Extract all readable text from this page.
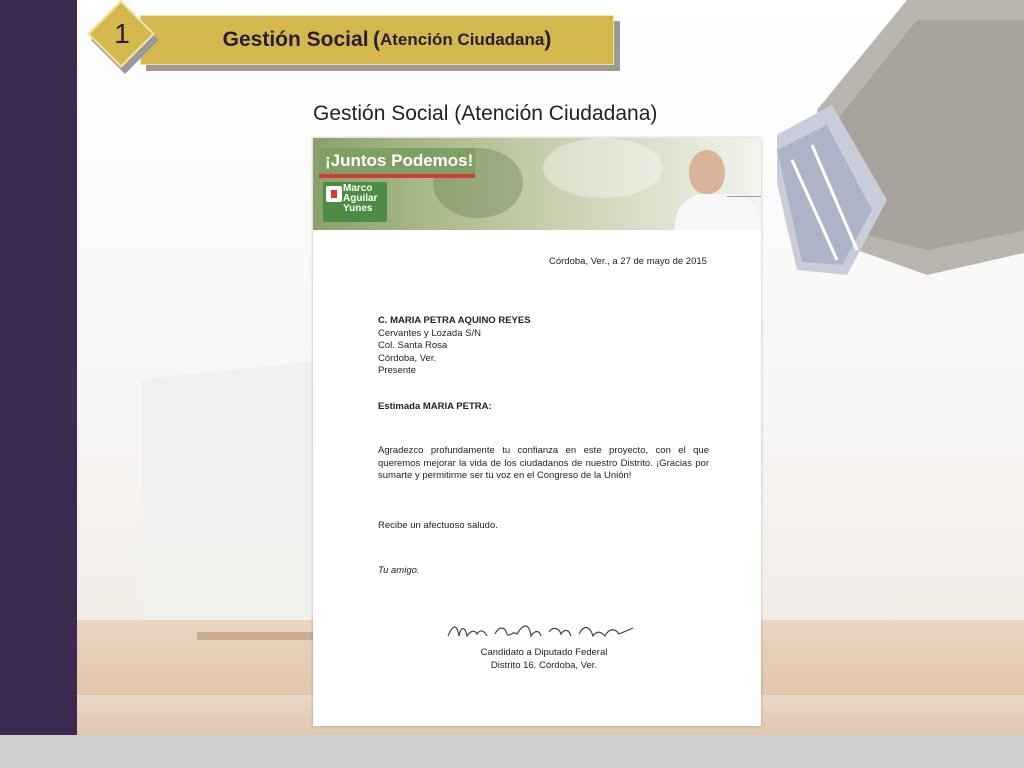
Gestión Social
( Atención Ciudadana )
1
Gestión Social (Atención Ciudadana)
¡Juntos Podemos!
Marco Aguilar Yunes
Córdoba, Ver., a 27 de mayo de 2015
C. MARIA PETRA AQUINO REYES
Cervantes y Lozada S/N
Col. Santa Rosa
Córdoba, Ver.
Presente
Estimada MARIA PETRA:
Agradezco profundamente tu confianza en este proyecto, con el que queremos mejorar la vida de los ciudadanos de nuestro Distrito. ¡Gracias por sumarte y permitirme ser tu voz en el Congreso de la Unión!
Recibe un afectuoso saludo.
Tu amigo.
Candidato a Diputado Federal
Distrito 16. Córdoba, Ver.
